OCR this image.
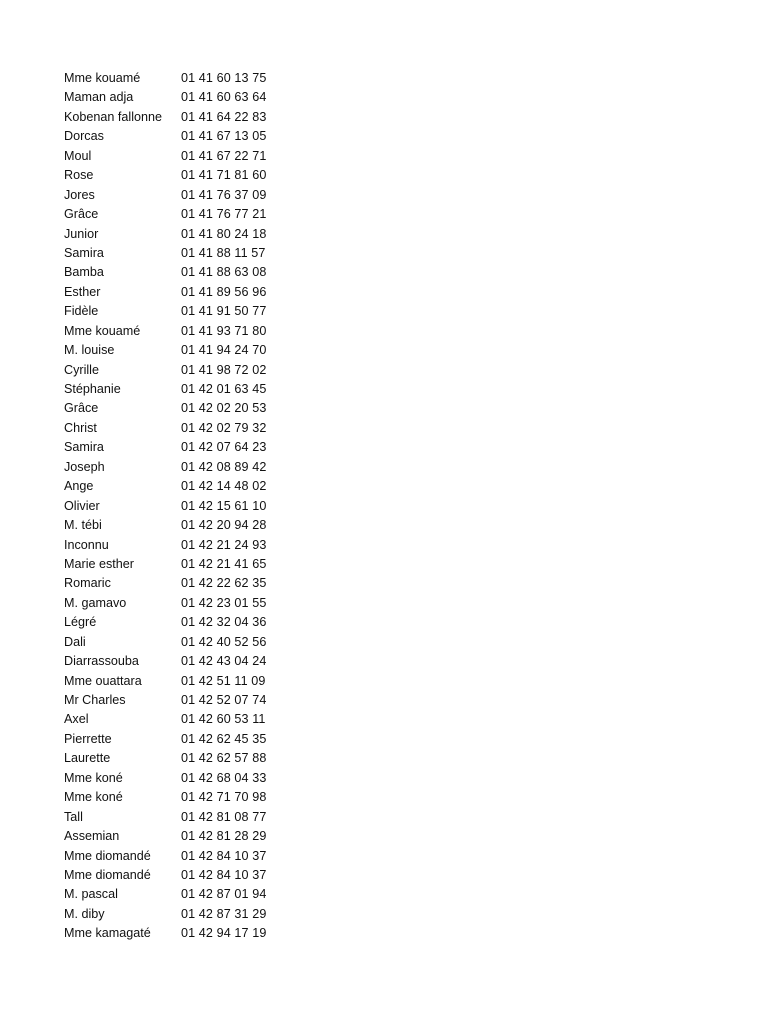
Mme kouamé	01 41 60 13 75
Maman adja	01 41 60 63 64
Kobenan fallonne	01 41 64 22 83
Dorcas	01 41 67 13 05
Moul	01 41 67 22 71
Rose	01 41 71 81 60
Jores	01 41 76 37 09
Grâce	01 41 76 77 21
Junior	01 41 80 24 18
Samira	01 41 88 11 57
Bamba	01 41 88 63 08
Esther	01 41 89 56 96
Fidèle	01 41 91 50 77
Mme kouamé	01 41 93 71 80
M. louise	01 41 94 24 70
Cyrille	01 41 98 72 02
Stéphanie	01 42 01 63 45
Grâce	01 42 02 20 53
Christ	01 42 02 79 32
Samira	01 42 07 64 23
Joseph	01 42 08 89 42
Ange	01 42 14 48 02
Olivier	01 42 15 61 10
M. tébi	01 42 20 94 28
Inconnu	01 42 21 24 93
Marie esther	01 42 21 41 65
Romaric	01 42 22 62 35
M. gamavo	01 42 23 01 55
Légré	01 42 32 04 36
Dali	01 42 40 52 56
Diarrassouba	01 42 43 04 24
Mme ouattara	01 42 51 11 09
Mr Charles	01 42 52 07 74
Axel	01 42 60 53 11
Pierrette	01 42 62 45 35
Laurette	01 42 62 57 88
Mme koné	01 42 68 04 33
Mme koné	01 42 71 70 98
Tall	01 42 81 08 77
Assemian	01 42 81 28 29
Mme diomandé	01 42 84 10 37
Mme diomandé	01 42 84 10 37
M. pascal	01 42 87 01 94
M. diby	01 42 87 31 29
Mme kamagaté	01 42 94 17 19
